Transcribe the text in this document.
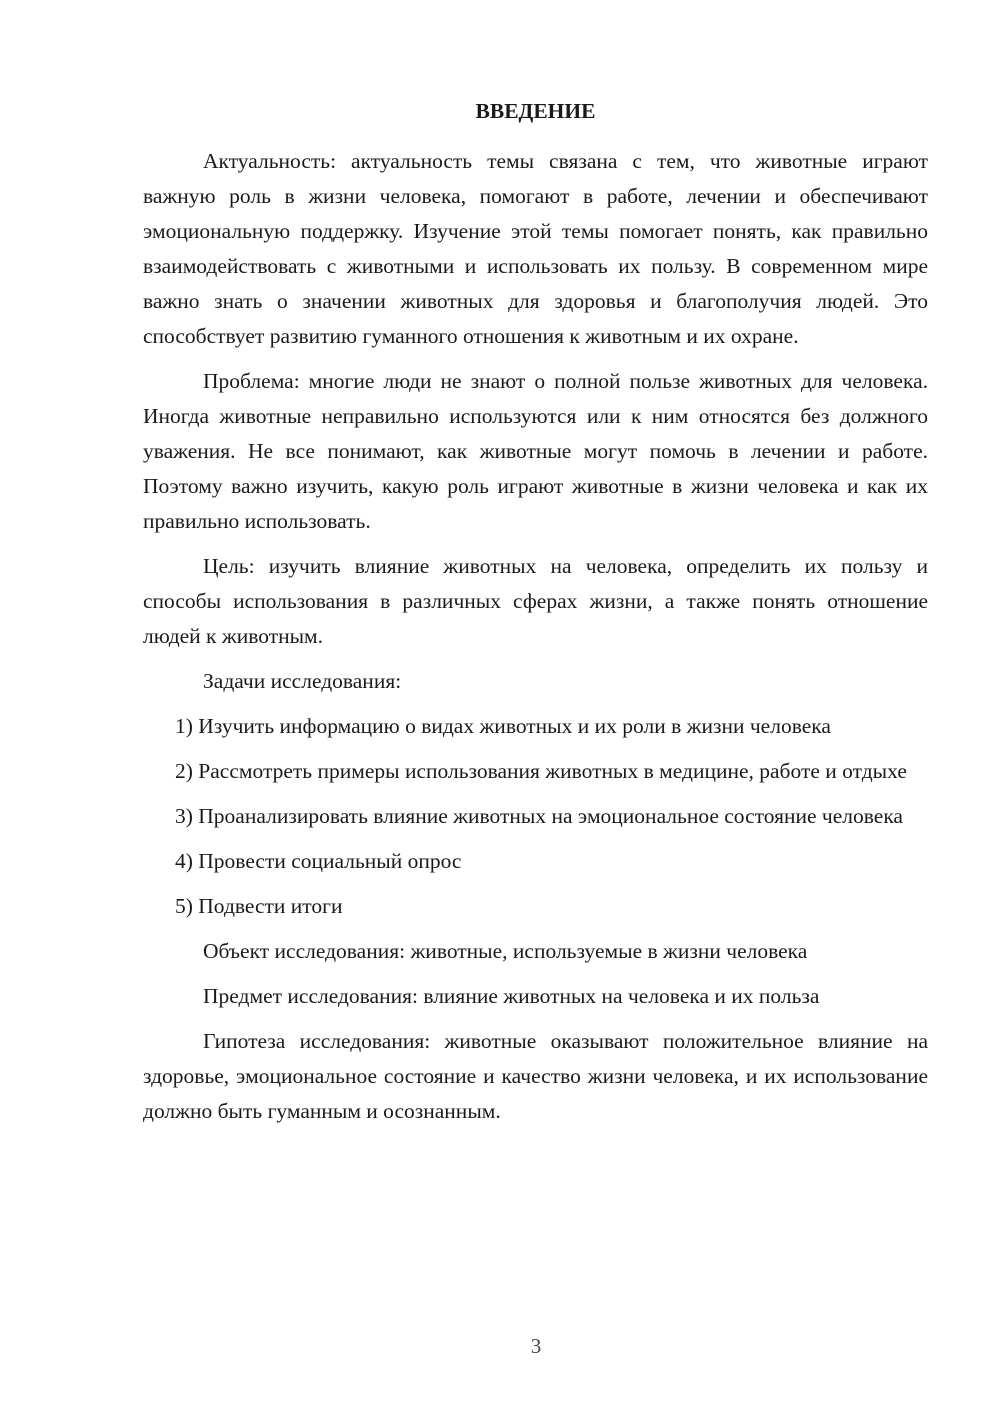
ВВЕДЕНИЕ

Актуальность: актуальность темы связана с тем, что животные играют важную роль в жизни человека, помогают в работе, лечении и обеспечивают эмоциональную поддержку. Изучение этой темы помогает понять, как правильно взаимодействовать с животными и использовать их пользу. В современном мире важно знать о значении животных для здоровья и благополучия людей. Это способствует развитию гуманного отношения к животным и их охране.

Проблема: многие люди не знают о полной пользе животных для человека. Иногда животные неправильно используются или к ним относятся без должного уважения. Не все понимают, как животные могут помочь в лечении и работе. Поэтому важно изучить, какую роль играют животные в жизни человека и как их правильно использовать.

Цель: изучить влияние животных на человека, определить их пользу и способы использования в различных сферах жизни, а также понять отношение людей к животным.

Задачи исследования:

1) Изучить информацию о видах животных и их роли в жизни человека

2) Рассмотреть примеры использования животных в медицине, работе и отдыхе

3) Проанализировать влияние животных на эмоциональное состояние человека

4) Провести социальный опрос

5) Подвести итоги

Объект исследования: животные, используемые в жизни человека

Предмет исследования: влияние животных на человека и их польза

Гипотеза исследования: животные оказывают положительное влияние на здоровье, эмоциональное состояние и качество жизни человека, и их использование должно быть гуманным и осознанным.

3
